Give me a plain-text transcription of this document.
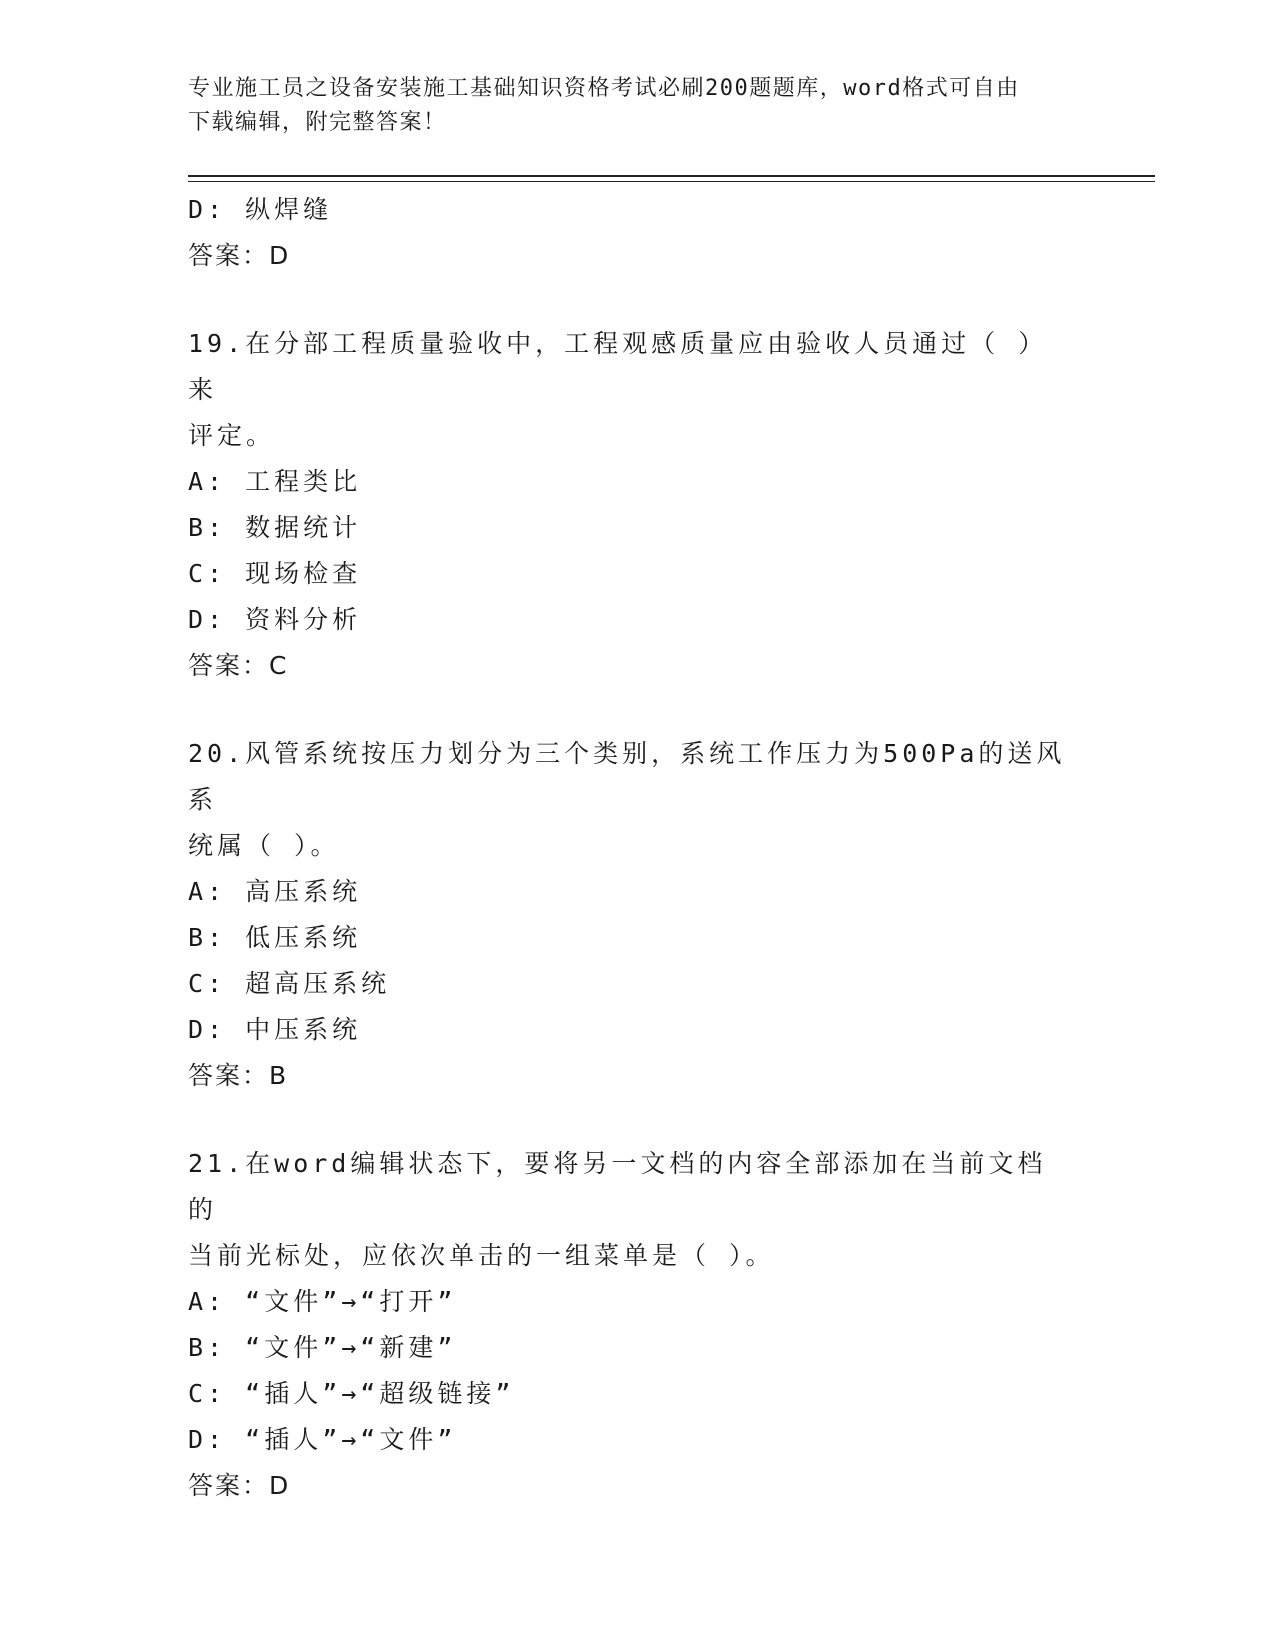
专业施工员之设备安装施工基础知识资格考试必刷200题题库，word格式可自由
下载编辑，附完整答案！
D: 纵焊缝
答案：D
19.在分部工程质量验收中，工程观感质量应由验收人员通过（ ）来
评定。
A: 工程类比
B: 数据统计
C: 现场检查
D: 资料分析
答案：C
20.风管系统按压力划分为三个类别，系统工作压力为500Pa的送风系
统属（ ）。
A: 高压系统
B: 低压系统
C: 超高压系统
D: 中压系统
答案：B
21.在word编辑状态下，要将另一文档的内容全部添加在当前文档的
当前光标处，应依次单击的一组菜单是（ ）。
A: “文件”→“打开”
B: “文件”→“新建”
C: “插人”→“超级链接”
D: “插人”→“文件”
答案：D
